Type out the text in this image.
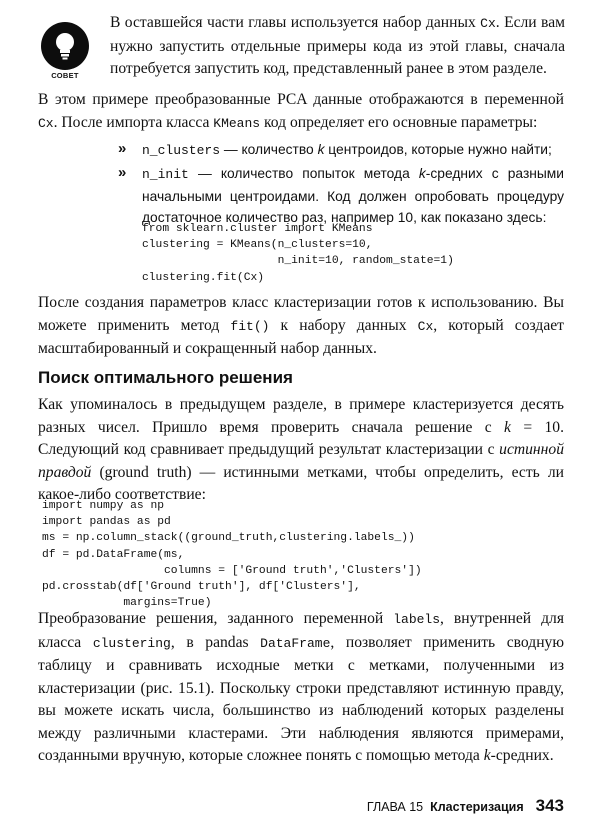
СОВЕТ

В оставшейся части главы используется набор данных Cx. Если вам нужно запустить отдельные примеры кода из этой главы, сначала потребуется запустить код, представленный ранее в этом разделе.

В этом примере преобразованные PCA данные отображаются в переменной Cx. После импорта класса KMeans код определяет его основные параметры:

» n_clusters — количество k центроидов, которые нужно найти;

» n_init — количество попыток метода k-средних с разными начальными центроидами. Код должен опробовать процедуру достаточное количество раз, например 10, как показано здесь:

from sklearn.cluster import KMeans
clustering = KMeans(n_clusters=10,
n_init=10, random_state=1)
clustering.fit(Cx)

После создания параметров класс кластеризации готов к использованию. Вы можете применить метод fit() к набору данных Cx, который создает масштабированный и сокращенный набор данных.

Поиск оптимального решения

Как упоминалось в предыдущем разделе, в примере кластеризуется десять разных чисел. Пришло время проверить сначала решение с k = 10. Следующий код сравнивает предыдущий результат кластеризации с истинной правдой (ground truth) — истинными метками, чтобы определить, есть ли какое-либо соответствие:

import numpy as np
import pandas as pd
ms = np.column_stack((ground_truth,clustering.labels_))
df = pd.DataFrame(ms,
columns = ['Ground truth','Clusters'])
pd.crosstab(df['Ground truth'], df['Clusters'],
margins=True)

Преобразование решения, заданного переменной labels, внутренней для класса clustering, в pandas DataFrame, позволяет применить сводную таблицу и сравнивать исходные метки с метками, полученными из кластеризации (рис. 15.1). Поскольку строки представляют истинную правду, вы можете искать числа, большинство из наблюдений которых разделены между различными кластерами. Эти наблюдения являются примерами, созданными вручную, которые сложнее понять с помощью метода k-средних.

ГЛАВА 15 Кластеризация 343
